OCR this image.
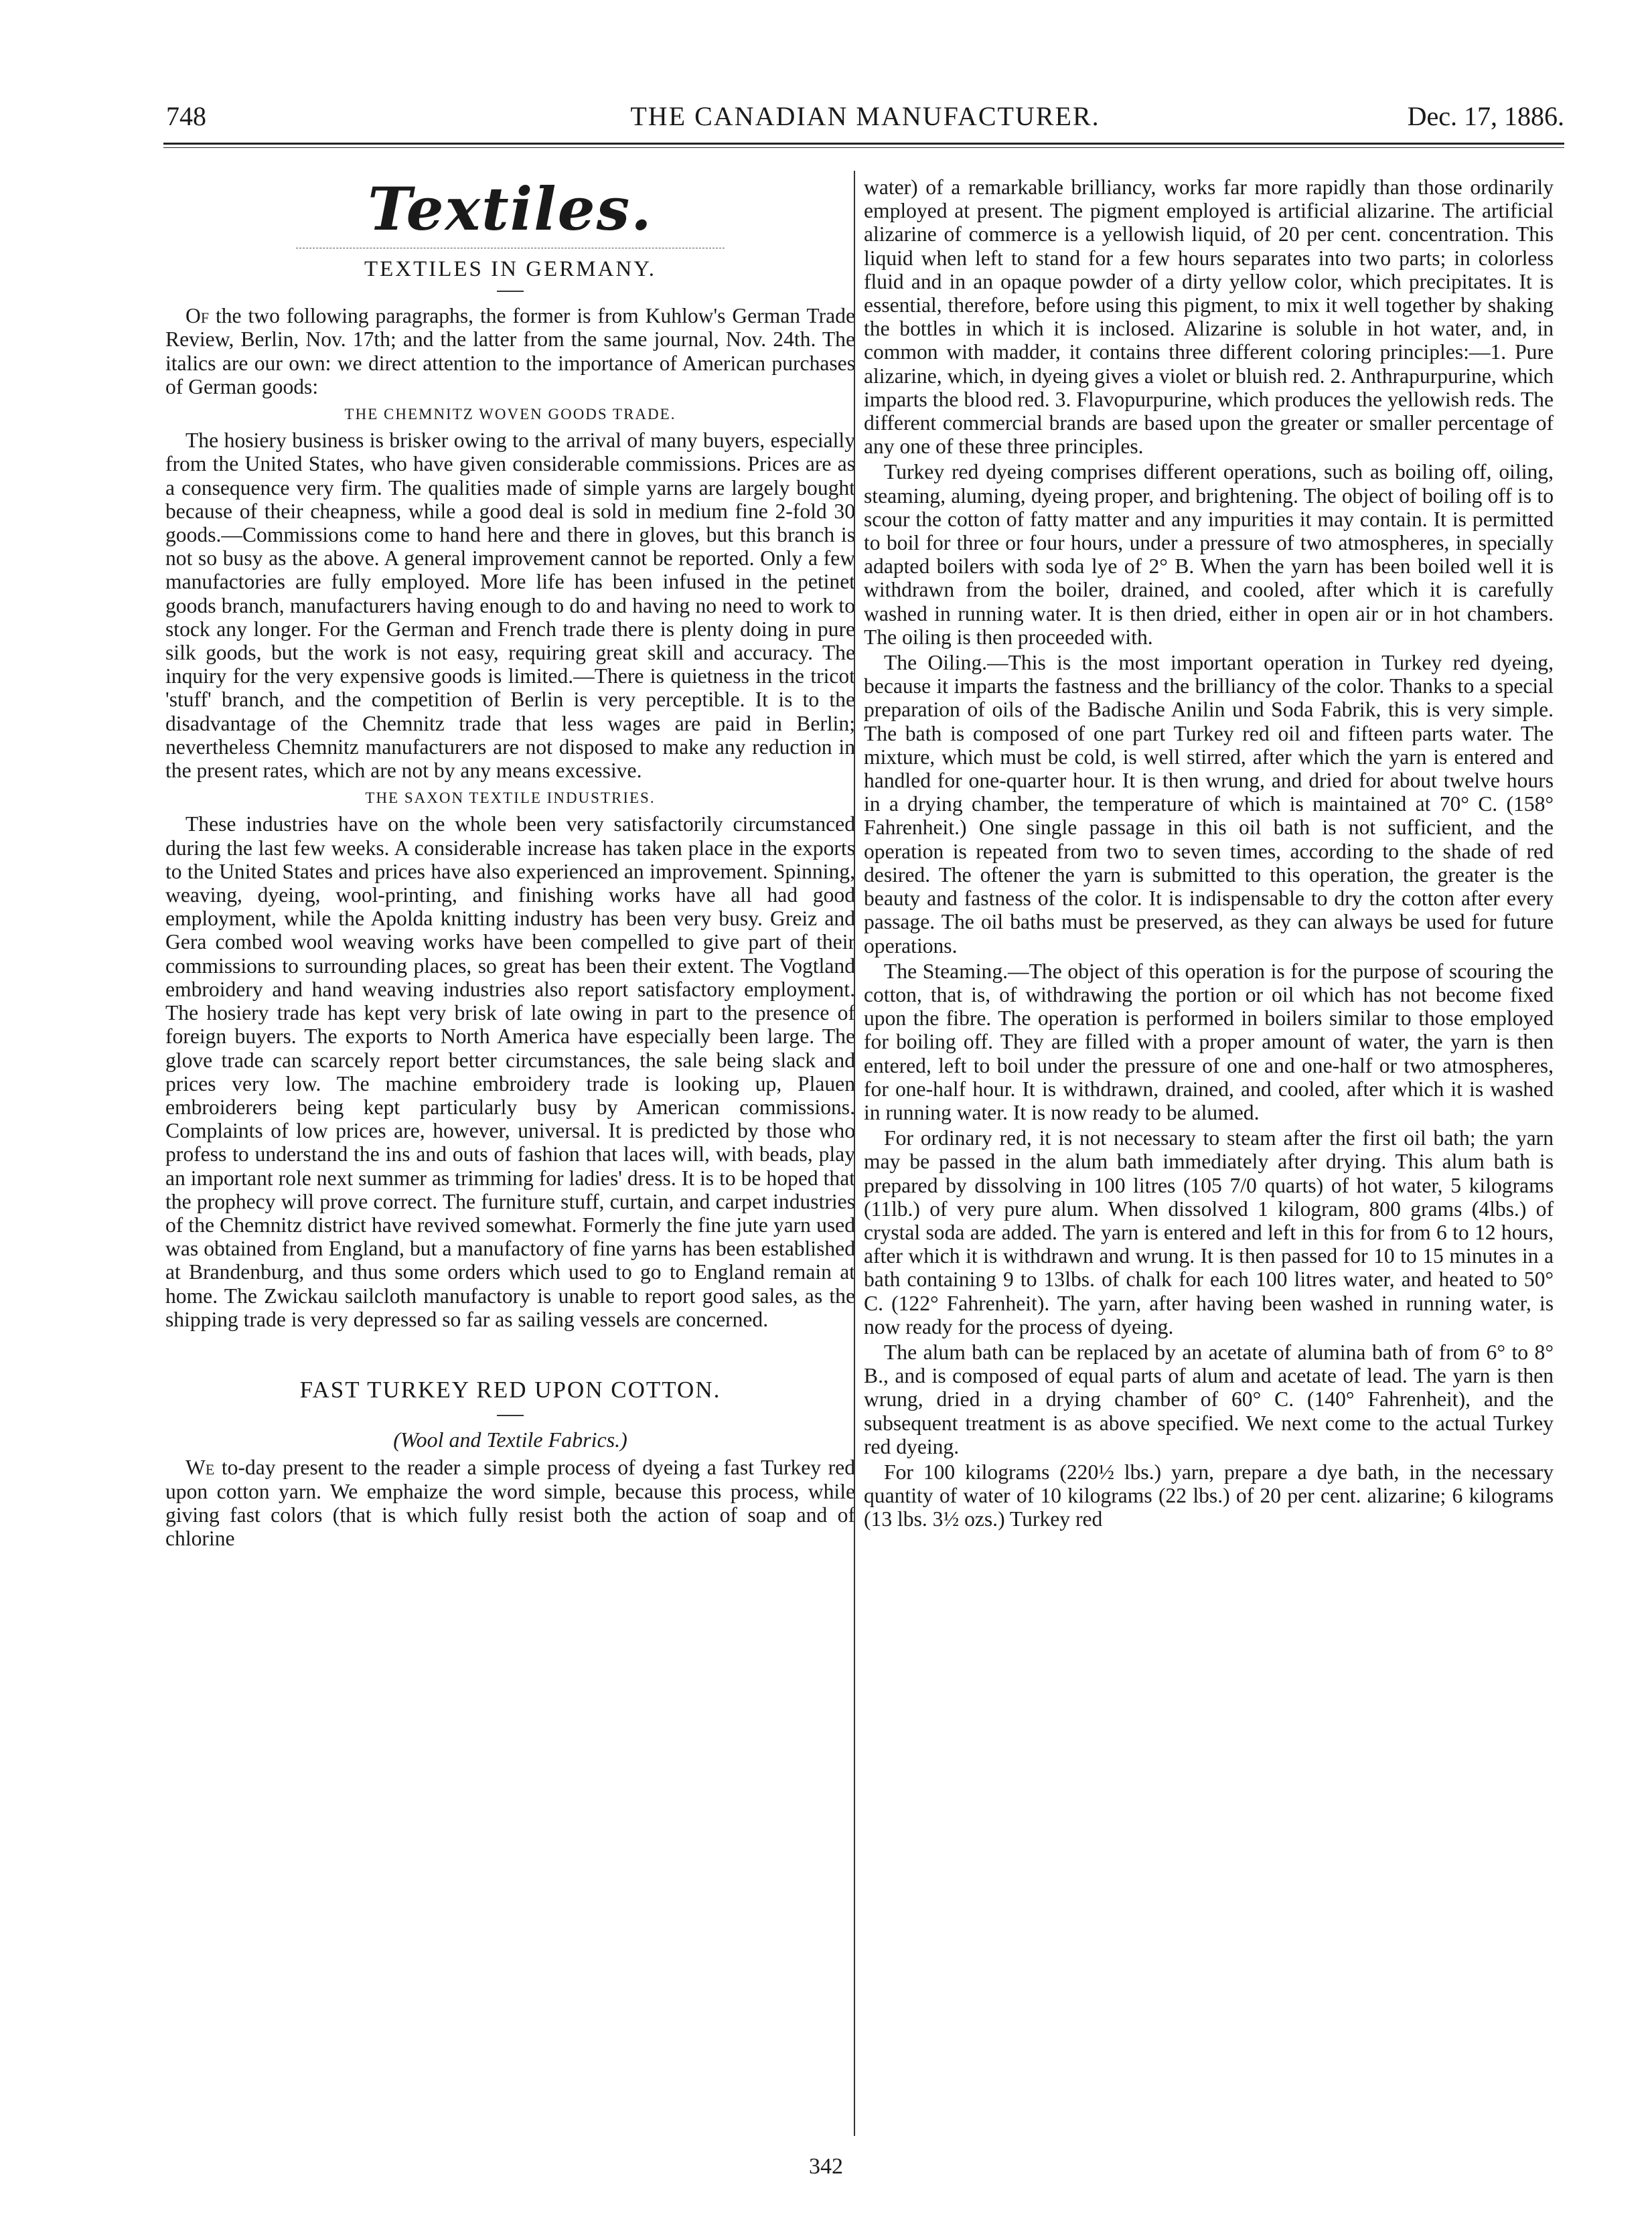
748	THE CANADIAN MANUFACTURER.	Dec. 17, 1886.
Textiles.
TEXTILES IN GERMANY.

Of the two following paragraphs, the former is from Kuhlow's German Trade Review, Berlin, Nov. 17th; and the latter from the same journal, Nov. 24th. The italics are our own: we direct attention to the importance of American purchases of German goods:

THE CHEMNITZ WOVEN GOODS TRADE.

The hosiery business is brisker owing to the arrival of many buyers, especially from the United States, who have given considerable commissions. Prices are as a consequence very firm. The qualities made of simple yarns are largely bought because of their cheapness, while a good deal is sold in medium fine 2-fold 30 goods.—Commissions come to hand here and there in gloves, but this branch is not so busy as the above. A general improvement cannot be reported. Only a few manufactories are fully employed. More life has been infused in the petinet goods branch, manufacturers having enough to do and having no need to work to stock any longer. For the German and French trade there is plenty doing in pure silk goods, but the work is not easy, requiring great skill and accuracy. The inquiry for the very expensive goods is limited.—There is quietness in the tricot 'stuff' branch, and the competition of Berlin is very perceptible. It is to the disadvantage of the Chemnitz trade that less wages are paid in Berlin; nevertheless Chemnitz manufacturers are not disposed to make any reduction in the present rates, which are not by any means excessive.

THE SAXON TEXTILE INDUSTRIES.

These industries have on the whole been very satisfactorily circumstanced during the last few weeks. A considerable increase has taken place in the exports to the United States and prices have also experienced an improvement. Spinning, weaving, dyeing, wool-printing, and finishing works have all had good employment, while the Apolda knitting industry has been very busy. Greiz and Gera combed wool weaving works have been compelled to give part of their commissions to surrounding places, so great has been their extent. The Vogtland embroidery and hand weaving industries also report satisfactory employment. The hosiery trade has kept very brisk of late owing in part to the presence of foreign buyers. The exports to North America have especially been large. The glove trade can scarcely report better circumstances, the sale being slack and prices very low. The machine embroidery trade is looking up, Plauen embroiderers being kept particularly busy by American commissions. Complaints of low prices are, however, universal. It is predicted by those who profess to understand the ins and outs of fashion that laces will, with beads, play an important role next summer as trimming for ladies' dress. It is to be hoped that the prophecy will prove correct. The furniture stuff, curtain, and carpet industries of the Chemnitz district have revived somewhat. Formerly the fine jute yarn used was obtained from England, but a manufactory of fine yarns has been established at Brandenburg, and thus some orders which used to go to England remain at home. The Zwickau sailcloth manufactory is unable to report good sales, as the shipping trade is very depressed so far as sailing vessels are concerned.

FAST TURKEY RED UPON COTTON.
(Wool and Textile Fabrics.)

We to-day present to the reader a simple process of dyeing a fast Turkey red upon cotton yarn. We emphaize the word simple, because this process, while giving fast colors (that is which fully resist both the action of soap and of chlorine

water) of a remarkable brilliancy, works far more rapidly than those ordinarily employed at present. The pigment employed is artificial alizarine. The artificial alizarine of commerce is a yellowish liquid, of 20 per cent. concentration. This liquid when left to stand for a few hours separates into two parts; in colorless fluid and in an opaque powder of a dirty yellow color, which precipitates. It is essential, therefore, before using this pigment, to mix it well together by shaking the bottles in which it is inclosed. Alizarine is soluble in hot water, and, in common with madder, it contains three different coloring principles:—1. Pure alizarine, which, in dyeing gives a violet or bluish red. 2. Anthrapurpurine, which imparts the blood red. 3. Flavopurpurine, which produces the yellowish reds. The different commercial brands are based upon the greater or smaller percentage of any one of these three principles.

Turkey red dyeing comprises different operations, such as boiling off, oiling, steaming, aluming, dyeing proper, and brightening. The object of boiling off is to scour the cotton of fatty matter and any impurities it may contain. It is permitted to boil for three or four hours, under a pressure of two atmospheres, in specially adapted boilers with soda lye of 2° B. When the yarn has been boiled well it is withdrawn from the boiler, drained, and cooled, after which it is carefully washed in running water. It is then dried, either in open air or in hot chambers. The oiling is then proceeded with.

The Oiling.—This is the most important operation in Turkey red dyeing, because it imparts the fastness and the brilliancy of the color. Thanks to a special preparation of oils of the Badische Anilin und Soda Fabrik, this is very simple. The bath is composed of one part Turkey red oil and fifteen parts water. The mixture, which must be cold, is well stirred, after which the yarn is entered and handled for one-quarter hour. It is then wrung, and dried for about twelve hours in a drying chamber, the temperature of which is maintained at 70° C. (158° Fahrenheit.) One single passage in this oil bath is not sufficient, and the operation is repeated from two to seven times, according to the shade of red desired. The oftener the yarn is submitted to this operation, the greater is the beauty and fastness of the color. It is indispensable to dry the cotton after every passage. The oil baths must be preserved, as they can always be used for future operations.

The Steaming.—The object of this operation is for the purpose of scouring the cotton, that is, of withdrawing the portion or oil which has not become fixed upon the fibre. The operation is performed in boilers similar to those employed for boiling off. They are filled with a proper amount of water, the yarn is then entered, left to boil under the pressure of one and one-half or two atmospheres, for one-half hour. It is withdrawn, drained, and cooled, after which it is washed in running water. It is now ready to be alumed.

For ordinary red, it is not necessary to steam after the first oil bath; the yarn may be passed in the alum bath immediately after drying. This alum bath is prepared by dissolving in 100 litres (105 7/0 quarts) of hot water, 5 kilograms (11lb.) of very pure alum. When dissolved 1 kilogram, 800 grams (4lbs.) of crystal soda are added. The yarn is entered and left in this for from 6 to 12 hours, after which it is withdrawn and wrung. It is then passed for 10 to 15 minutes in a bath containing 9 to 13lbs. of chalk for each 100 litres water, and heated to 50° C. (122° Fahrenheit). The yarn, after having been washed in running water, is now ready for the process of dyeing.

The alum bath can be replaced by an acetate of alumina bath of from 6° to 8° B., and is composed of equal parts of alum and acetate of lead. The yarn is then wrung, dried in a drying chamber of 60° C. (140° Fahrenheit), and the subsequent treatment is as above specified. We next come to the actual Turkey red dyeing.

For 100 kilograms (220½ lbs.) yarn, prepare a dye bath, in the necessary quantity of water of 10 kilograms (22 lbs.) of 20 per cent. alizarine; 6 kilograms (13 lbs. 3½ ozs.) Turkey red

342
